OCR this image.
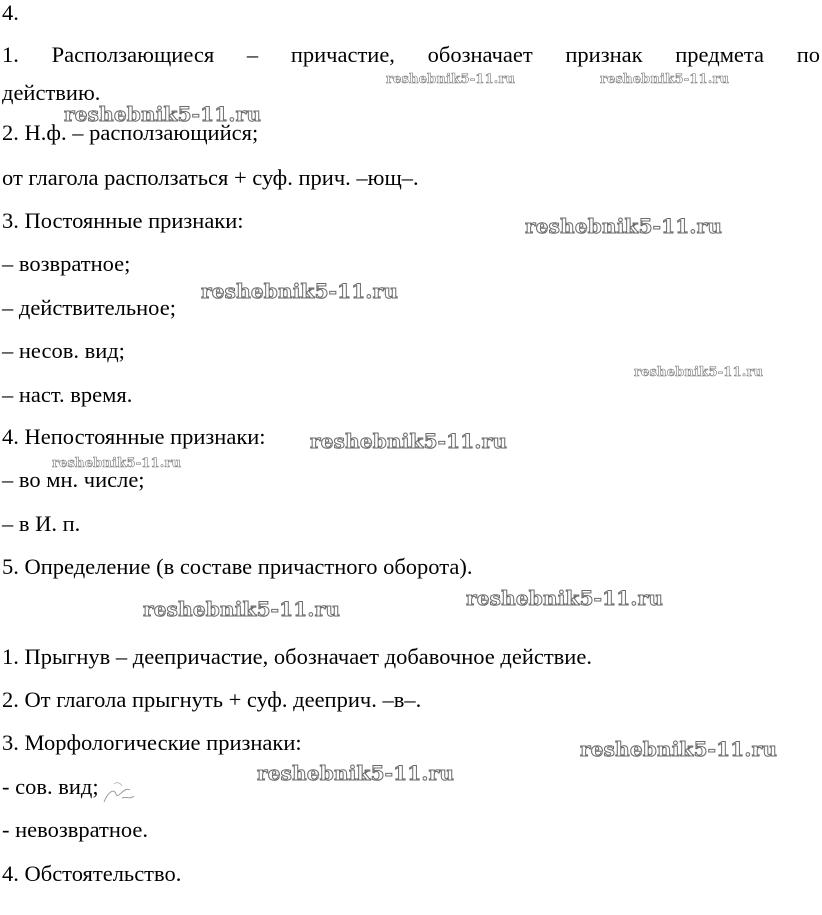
4.
1. Расползающиеся – причастие, обозначает признак предмета по
действию.
2. Н.ф. – расползающийся;
от глагола расползаться + суф. прич. –ющ–.
3. Постоянные признаки:
– возвратное;
– действительное;
– несов. вид;
– наст. время.
4. Непостоянные признаки:
– во мн. числе;
– в И. п.
5. Определение (в составе причастного оборота).
1. Прыгнув – деепричастие, обозначает добавочное действие.
2. От глагола прыгнуть + суф. дееприч. –в–.
3. Морфологические признаки:
- сов. вид;
- невозвратное.
4. Обстоятельство.
reshebnik5-11.ru	reshebnik5-11.ru
reshebnik5-11.ru
reshebnik5-11.ru
reshebnik5-11.ru
reshebnik5-11.ru
reshebnik5-11.ru
reshebnik5-11.ru
reshebnik5-11.ru
reshebnik5-11.ru
reshebnik5-11.ru
reshebnik5-11.ru
